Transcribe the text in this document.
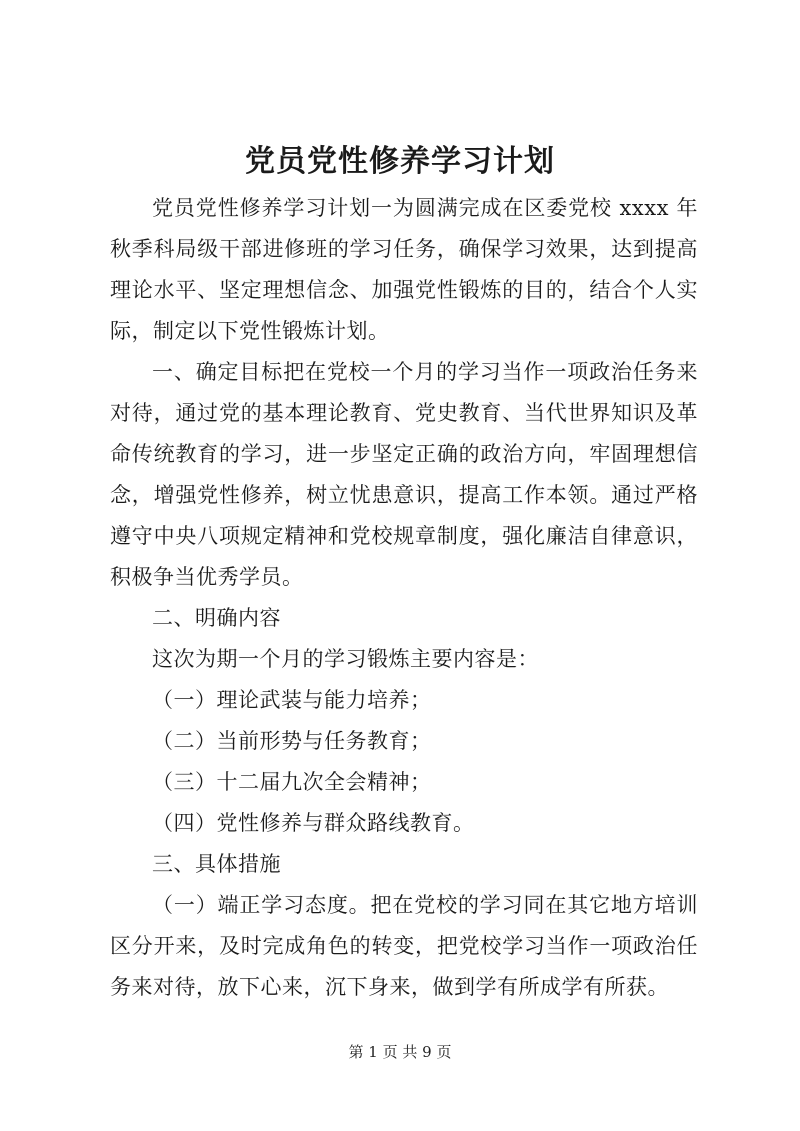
党员党性修养学习计划

党员党性修养学习计划一为圆满完成在区委党校 xxxx 年秋季科局级干部进修班的学习任务，确保学习效果，达到提高理论水平、坚定理想信念、加强党性锻炼的目的，结合个人实际，制定以下党性锻炼计划。

一、确定目标把在党校一个月的学习当作一项政治任务来对待，通过党的基本理论教育、党史教育、当代世界知识及革命传统教育的学习，进一步坚定正确的政治方向，牢固理想信念，增强党性修养，树立忧患意识，提高工作本领。通过严格遵守中央八项规定精神和党校规章制度，强化廉洁自律意识，积极争当优秀学员。

二、明确内容

这次为期一个月的学习锻炼主要内容是：

（一）理论武装与能力培养；

（二）当前形势与任务教育；

（三）十二届九次全会精神；

（四）党性修养与群众路线教育。

三、具体措施

（一）端正学习态度。把在党校的学习同在其它地方培训区分开来，及时完成角色的转变，把党校学习当作一项政治任务来对待，放下心来，沉下身来，做到学有所成学有所获。

第 1 页 共 9 页
